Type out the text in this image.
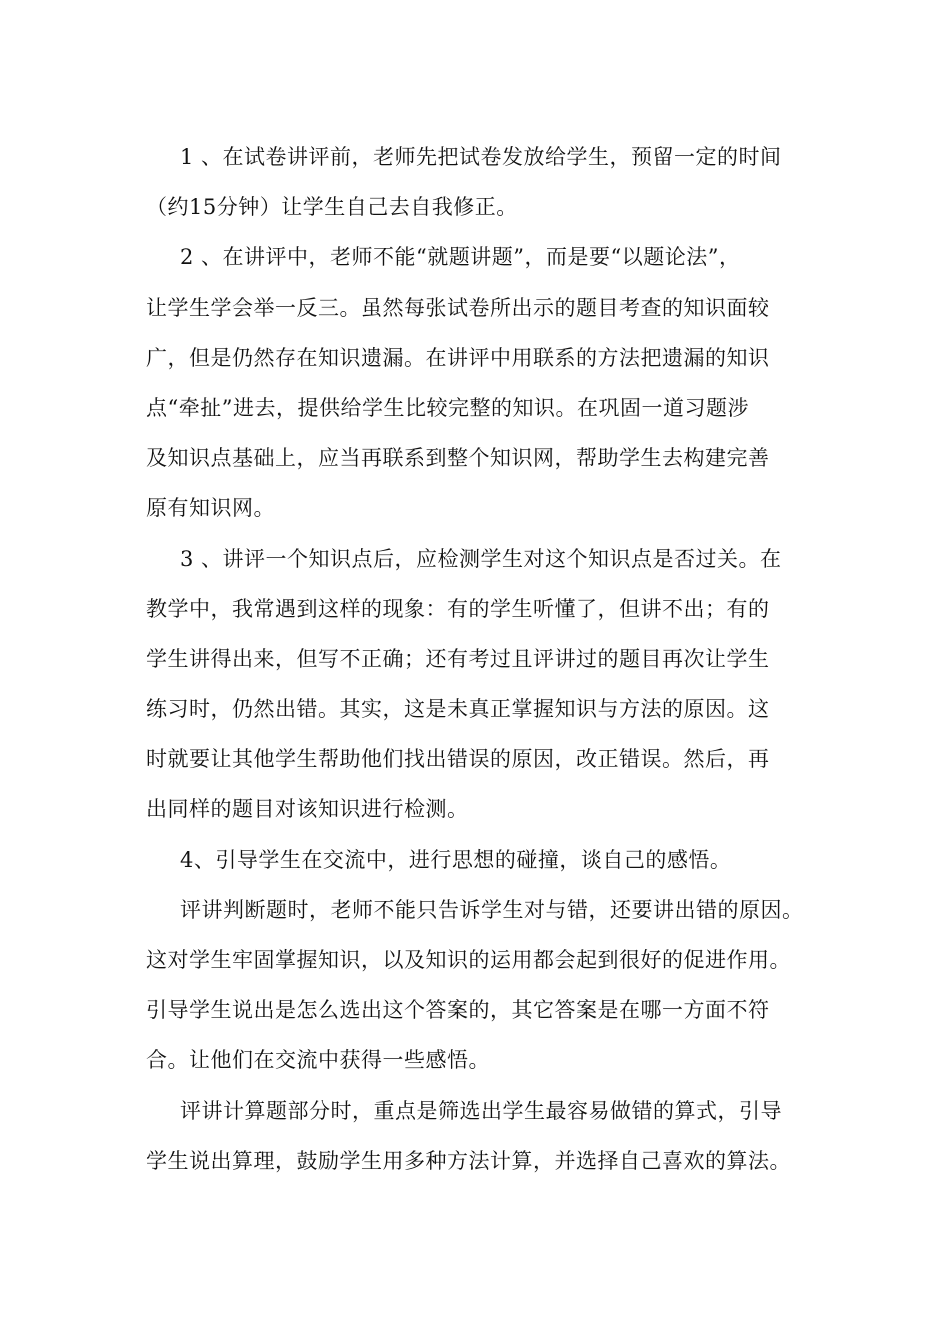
1 、在试卷讲评前，老师先把试卷发放给学生，预留一定的时间
（约15分钟）让学生自己去自我修正。
2 、在讲评中，老师不能“就题讲题”，而是要“以题论法”，
让学生学会举一反三。虽然每张试卷所出示的题目考查的知识面较
广，但是仍然存在知识遗漏。在讲评中用联系的方法把遗漏的知识
点“牵扯”进去，提供给学生比较完整的知识。在巩固一道习题涉
及知识点基础上，应当再联系到整个知识网，帮助学生去构建完善
原有知识网。
3 、讲评一个知识点后，应检测学生对这个知识点是否过关。在
教学中，我常遇到这样的现象：有的学生听懂了，但讲不出；有的
学生讲得出来，但写不正确；还有考过且评讲过的题目再次让学生
练习时，仍然出错。其实，这是未真正掌握知识与方法的原因。这
时就要让其他学生帮助他们找出错误的原因，改正错误。然后，再
出同样的题目对该知识进行检测。
4、引导学生在交流中，进行思想的碰撞，谈自己的感悟。
评讲判断题时，老师不能只告诉学生对与错，还要讲出错的原因。
这对学生牢固掌握知识，以及知识的运用都会起到很好的促进作用。
引导学生说出是怎么选出这个答案的，其它答案是在哪一方面不符
合。让他们在交流中获得一些感悟。
评讲计算题部分时，重点是筛选出学生最容易做错的算式，引导
学生说出算理，鼓励学生用多种方法计算，并选择自己喜欢的算法。
